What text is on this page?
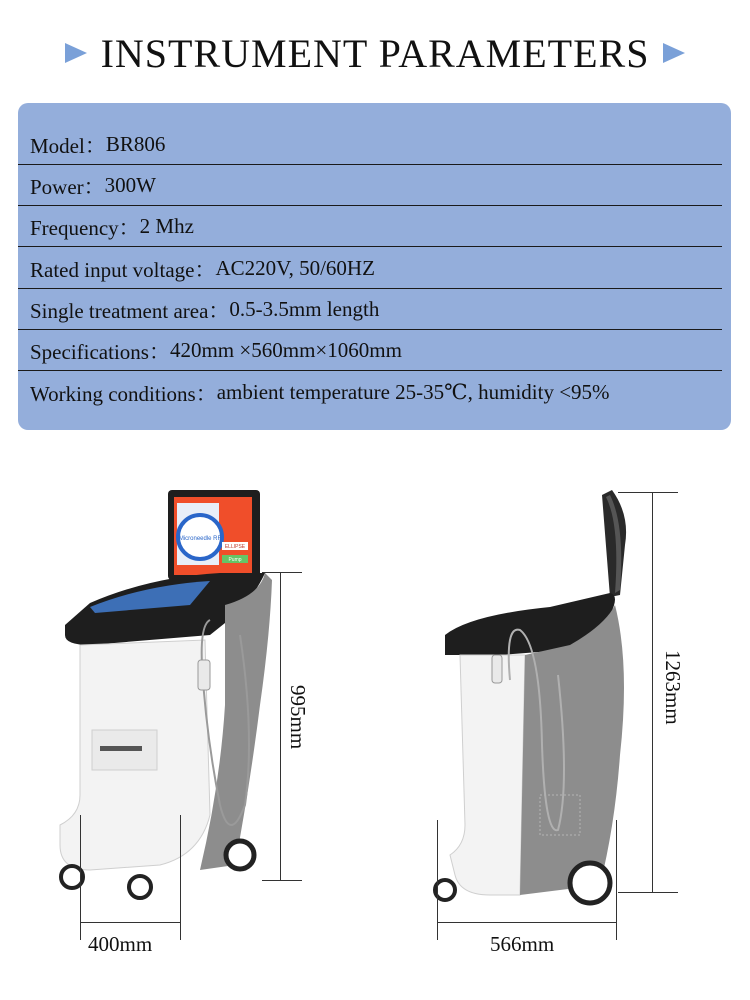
INSTRUMENT PARAMETERS
Model： BR806
Power： 300W
Frequency： 2 Mhz
Rated input voltage： AC220V, 50/60HZ
Single treatment area： 0.5-3.5mm length
Specifications： 420mm ×560mm×1060mm
Working conditions： ambient temperature 25-35℃, humidity <95%
Microneedle RF
ELLIPSE
Pump
995mm
400mm
1263mm
566mm
